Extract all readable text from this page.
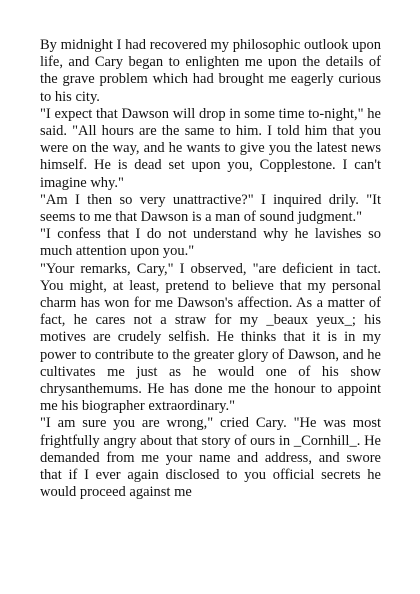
By midnight I had recovered my philosophic outlook upon life, and Cary began to enlighten me upon the details of the grave problem which had brought me eagerly curious to his city.

"I expect that Dawson will drop in some time to-night," he said. "All hours are the same to him. I told him that you were on the way, and he wants to give you the latest news himself. He is dead set upon you, Copplestone. I can't imagine why."

"Am I then so very unattractive?" I inquired drily. "It seems to me that Dawson is a man of sound judgment."

"I confess that I do not understand why he lavishes so much attention upon you."

"Your remarks, Cary," I observed, "are deficient in tact. You might, at least, pretend to believe that my personal charm has won for me Dawson's affection. As a matter of fact, he cares not a straw for my _beaux yeux_; his motives are crudely selfish. He thinks that it is in my power to contribute to the greater glory of Dawson, and he cultivates me just as he would one of his show chrysanthemums. He has done me the honour to appoint me his biographer extraordinary."

"I am sure you are wrong," cried Cary. "He was most frightfully angry about that story of ours in _Cornhill_. He demanded from me your name and address, and swore that if I ever again disclosed to you official secrets he would proceed against me
